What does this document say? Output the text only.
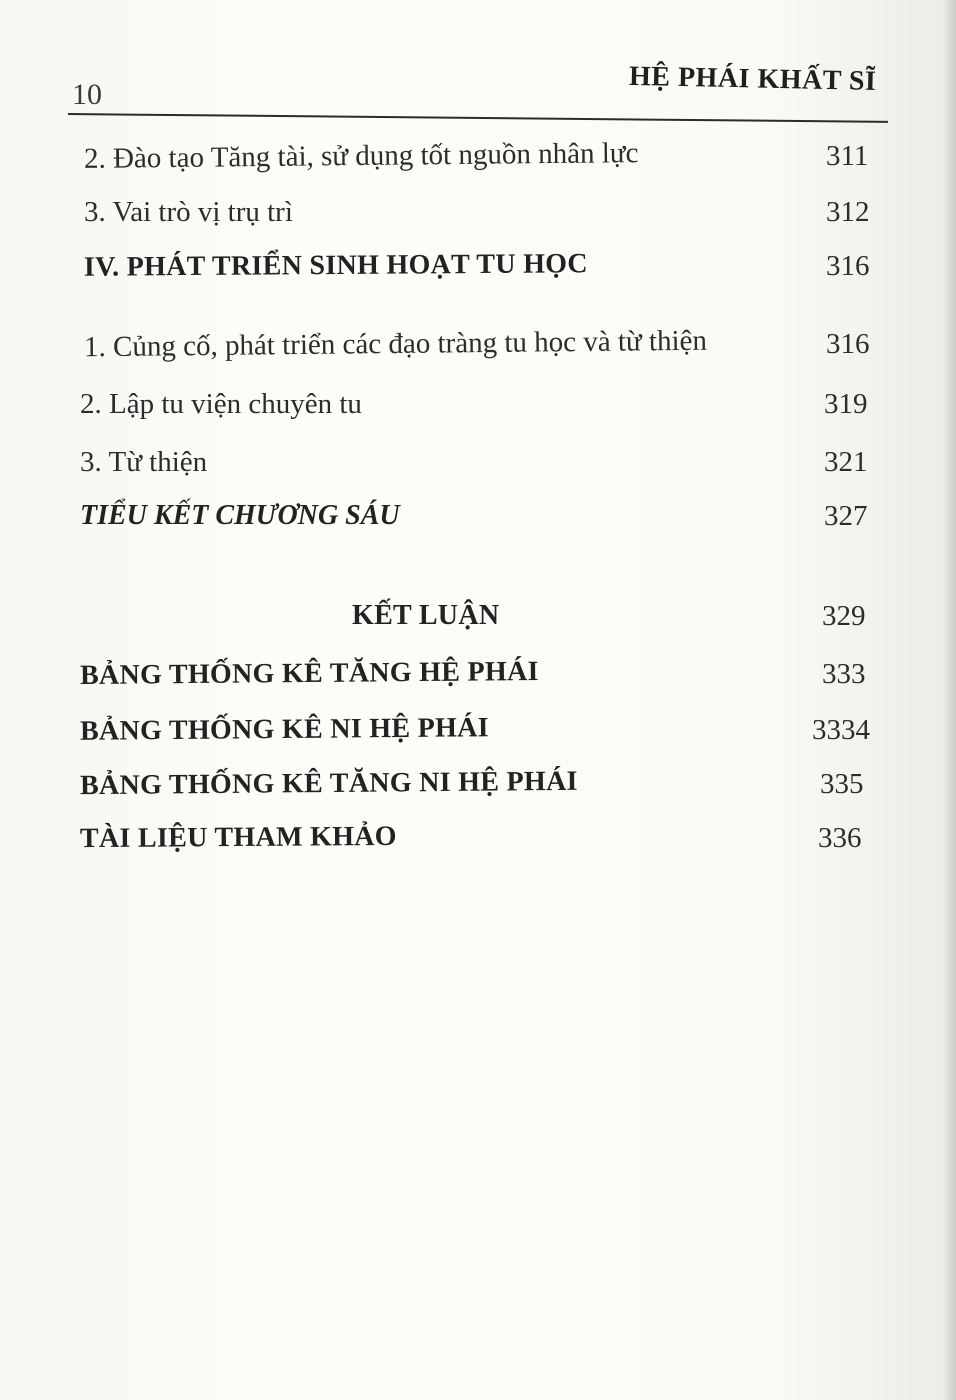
10	HỆ PHÁI KHẤT SĨ
2. Đào tạo Tăng tài, sử dụng tốt nguồn nhân lực	311
3. Vai trò vị trụ trì	312
IV. PHÁT TRIỂN SINH HOẠT TU HỌC	316
1. Củng cố, phát triển các đạo tràng tu học và từ thiện	316
2. Lập tu viện chuyên tu	319
3. Từ thiện	321
TIỂU KẾT CHƯƠNG SÁU	327
KẾT LUẬN	329
BẢNG THỐNG KÊ TĂNG HỆ PHÁI	333
BẢNG THỐNG KÊ NI HỆ PHÁI	3334
BẢNG THỐNG KÊ TĂNG NI HỆ PHÁI	335
TÀI LIỆU THAM KHẢO	336
